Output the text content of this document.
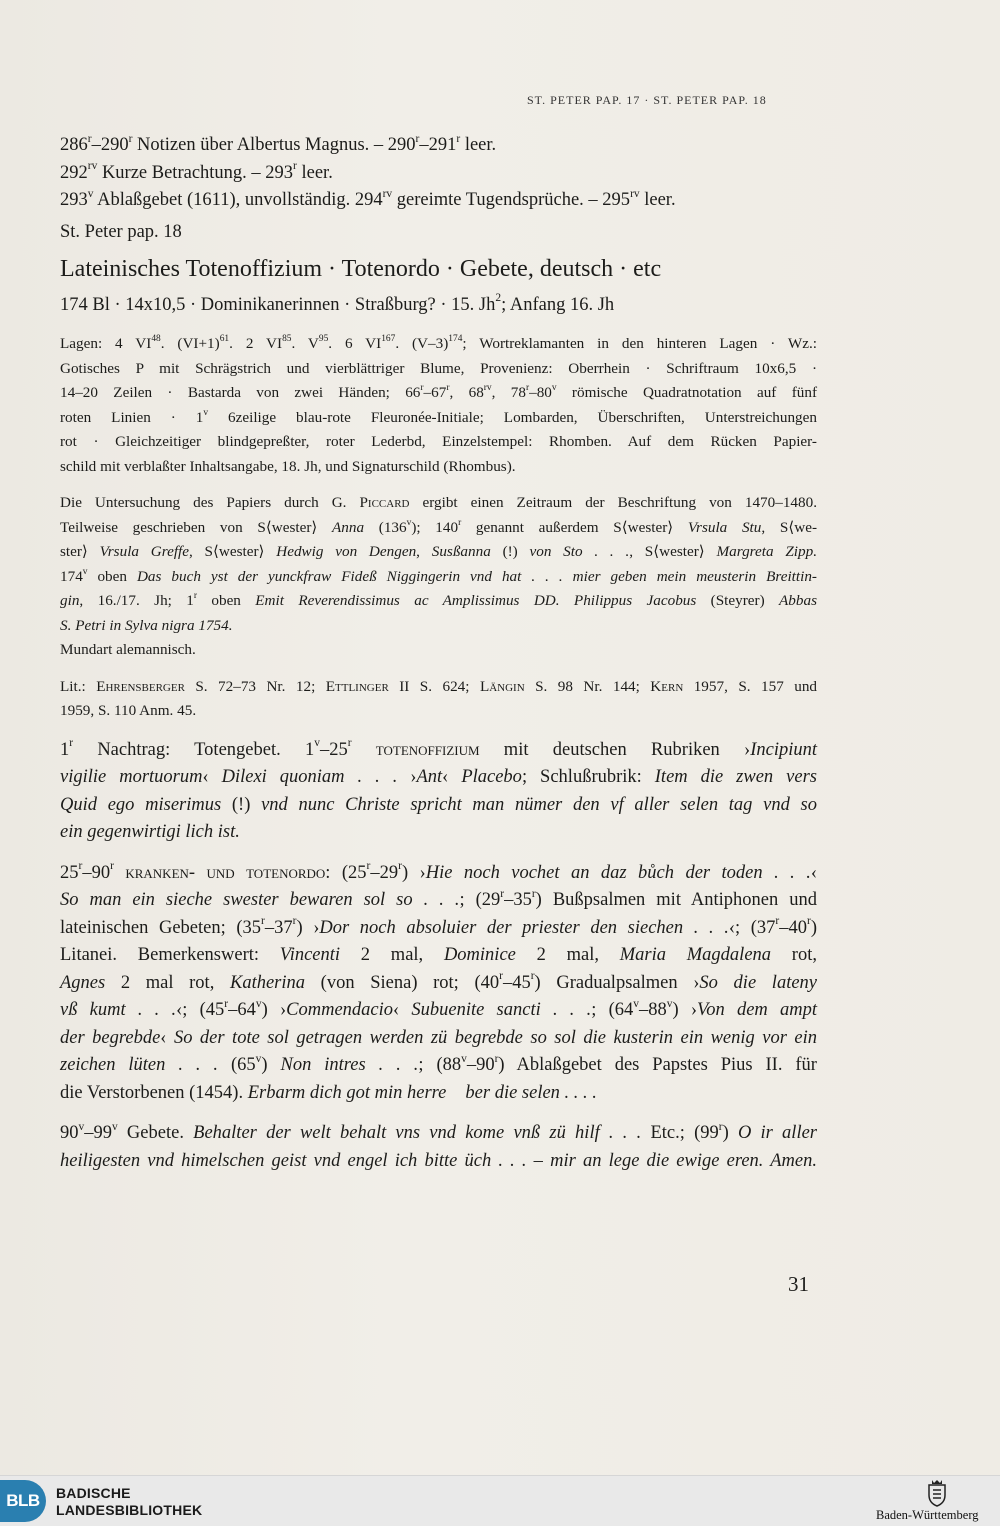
ST. PETER PAP. 17 · ST. PETER PAP. 18

286$^r$–290$^r$ Notizen über Albertus Magnus. – 290$^r$–291$^r$ leer.
$292^{rv}$ Kurze Betrachtung. – 293$^r$ leer.
293$^v$ Ablaßgebet (1611), unvollständig. $294^{rv}$ gereimte Tugendsprüche. – $295^{rv}$ leer.

St. Peter pap. 18

Lateinisches Totenoffizium · Totenordo · Gebete, deutsch · etc

174 Bl · 14x10,5 · Dominikanerinnen · Straßburg? · 15. Jh$^2$; Anfang 16. Jh

Lagen: 4 VI$^{48}$. $(VI+1)^{61}$. 2 VI$^{85}$. $V^{95}$. 6 VI$^{167}$. $(V-3)^{174}$; Wortreklamanten in den hinteren Lagen · Wz.:
Gotisches P mit Schrägstrich und vierblättriger Blume, Provenienz: Oberrhein · Schriftraum 10x6,5 ·
14–20 Zeilen · Bastarda von zwei Händen; 66$^r$–67$^r$, $68^{rv}$, 78$^r$–80$^v$ römische Quadratnotation auf fünf
roten Linien · $1^v$ 6zeilige blau-rote Fleuronée-Initiale; Lombarden, Überschriften, Unterstreichungen
rot · Gleichzeitiger blindgepreßter, roter Lederbd, Einzelstempel: Rhomben. Auf dem Rücken Papier-
schild mit verblaßter Inhaltsangabe, 18. Jh, und Signaturschild (Rhombus).

Die Untersuchung des Papiers durch G. Piccard ergibt einen Zeitraum der Beschriftung von 1470–1480.
Teilweise geschrieben von S⟨wester⟩ Anna (136$^v$); 140$^r$ genannt außerdem S⟨wester⟩ Vrsula Stu, S⟨we-
ster⟩ Vrsula Greffe, S⟨wester⟩ Hedwig von Dengen, Susßanna (!) von Sto . . ., S⟨wester⟩ Margreta Zipp.
174$^v$ oben Das buch yst der yunckfraw Fideß Niggingerin vnd hat . . . mier geben mein meusterin Breittin-
gin, 16./17. Jh; 1$^r$ oben Emit Reverendissimus ac Amplissimus DD. Philippus Jacobus (Steyrer) Abbas
S. Petri in Sylva nigra 1754.
Mundart alemannisch.

Lit.: Ehrensberger S. 72–73 Nr. 12; Ettlinger II S. 624; Längin S. 98 Nr. 144; Kern 1957, S. 157 und
1959, S. 110 Anm. 45.

1$^r$ Nachtrag: Totengebet. 1$^v$–25$^r$ totenoffizium mit deutschen Rubriken ›Incipiunt
vigilie mortuorum‹ Dilexi quoniam . . . ›Ant‹ Placebo; Schlußrubrik: Item die zwen vers
Quid ego miserimus (!) vnd nunc Christe spricht man nümer den vf aller selen tag vnd so
ein gegenwirtigi lich ist.

25$^r$–90$^r$ kranken- und totenordo: (25$^r$–29$^r$) ›Hie noch vochet an daz bůch der toden . . .‹
So man ein sieche swester bewaren sol so . . .; (29$^r$–35$^r$) Bußpsalmen mit Antiphonen und
lateinischen Gebeten; (35$^r$–37$^r$) ›Dor noch absoluier der priester den siechen . . .‹; (37$^r$–40$^r$)
Litanei. Bemerkenswert: Vincenti 2 mal, Dominice 2 mal, Maria Magdalena rot,
Agnes 2 mal rot, Katherina (von Siena) rot; (40$^r$–45$^r$) Gradualpsalmen ›So die lateny
vß kumt . . .‹; (45$^r$–64$^v$) ›Commendacio‹ Subuenite sancti . . .; (64$^v$–88$^v$) ›Von dem ampt
der begrebde‹ So der tote sol getragen werden zü begrebde so sol die kusterin ein wenig vor ein
zeichen lüten . . . (65$^v$) Non intres . . .; (88$^v$–90$^r$) Ablaßgebet des Papstes Pius II. für
die Verstorbenen (1454). Erbarm dich got min herre ٌber die selen . . . .

90$^v$–99$^v$ Gebete. Behalter der welt behalt vns vnd kome vnß zü hilf . . . Etc.; (99$^r$) O ir aller
heiligesten vnd himelschen geist vnd engel ich bitte üch . . . – mir an lege die ewige eren. Amen.

31
BLB	BADISCHE
LANDESBIBLIOTHEK	Baden-Württemberg
